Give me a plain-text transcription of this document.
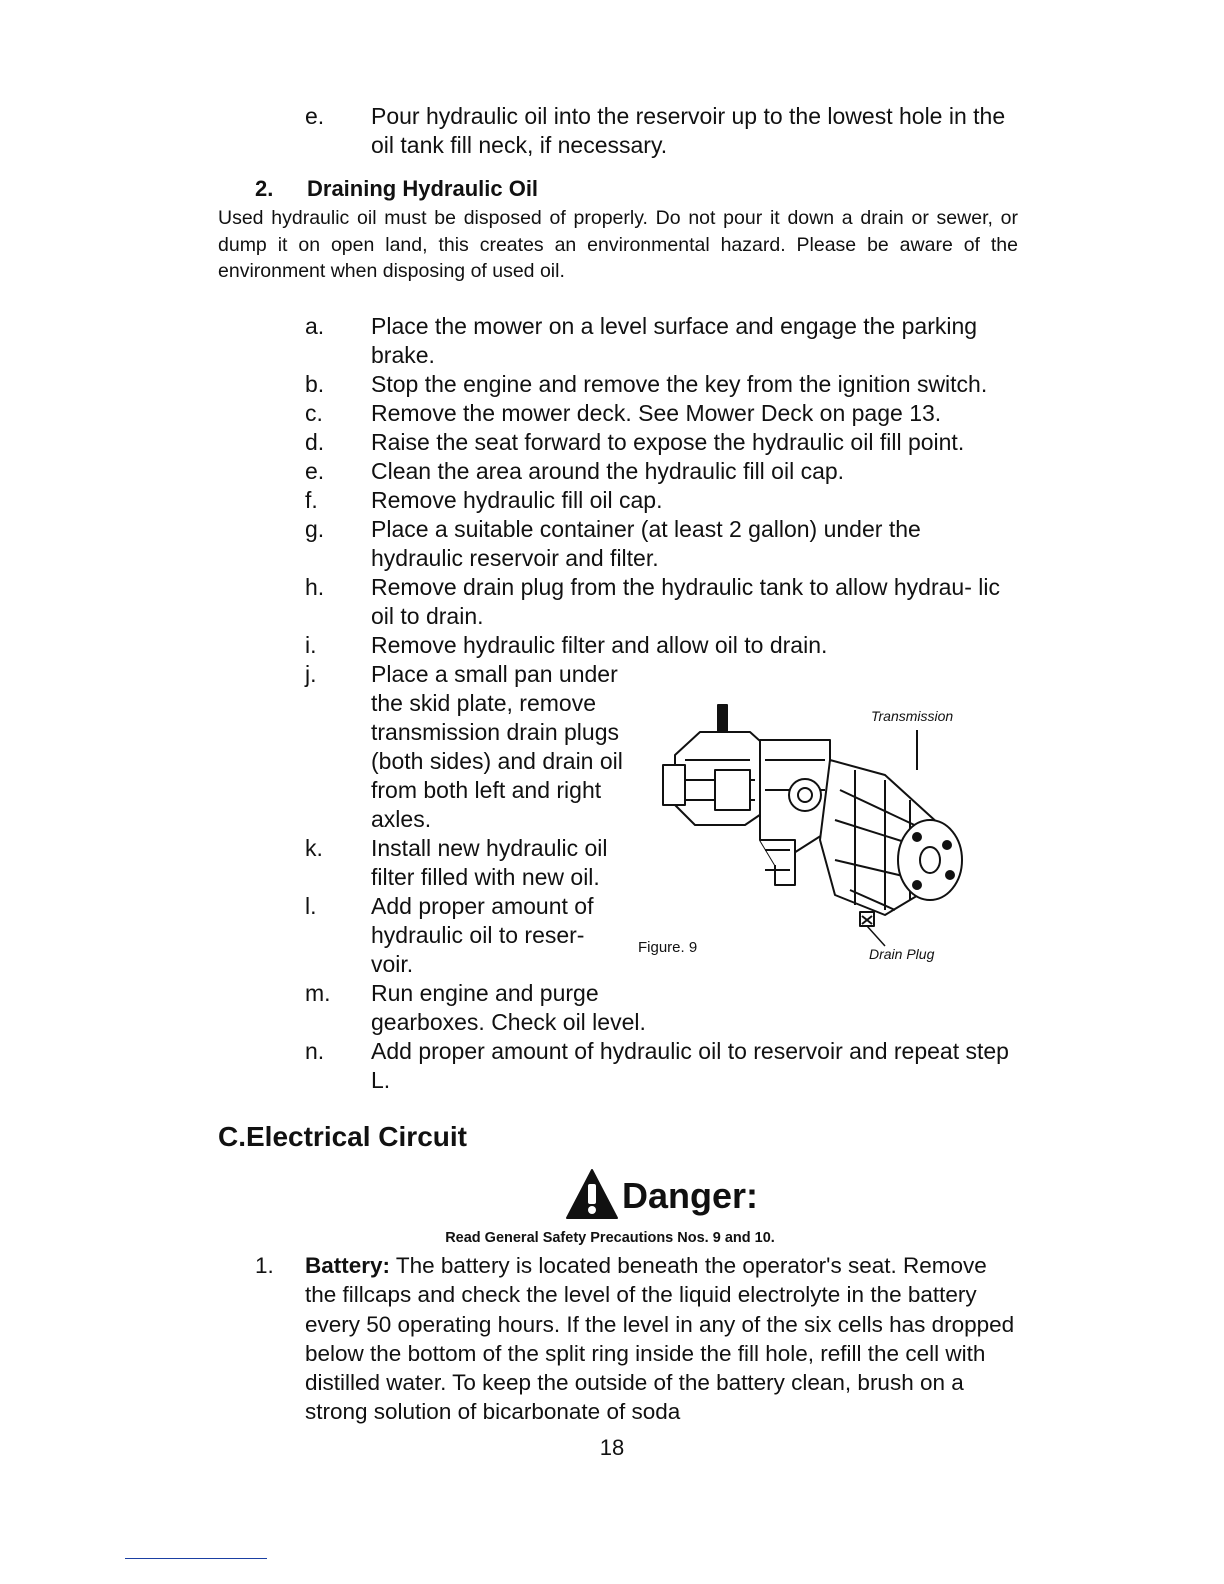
e. Pour hydraulic oil into the reservoir up to the lowest hole in the oil tank fill neck, if necessary.
2. Draining Hydraulic Oil
Used hydraulic oil must be disposed of properly. Do not pour it down a drain or sewer, or dump it on open land, this creates an environmental hazard. Please be aware of the environment when disposing of used oil.
a. Place the mower on a level surface and engage the parking brake.
b. Stop the engine and remove the key from the ignition switch.
c. Remove the mower deck. See Mower Deck on page 13.
d. Raise the seat forward to expose the hydraulic oil fill point.
e. Clean the area around the hydraulic fill oil cap.
f. Remove hydraulic fill oil cap.
g. Place a suitable container (at least 2 gallon) under the hydraulic reservoir and filter.
h. Remove drain plug from the hydraulic tank to allow hydrau- lic oil to drain.
i. Remove hydraulic filter and allow oil to drain.
j. Place a small pan under the skid plate, remove transmission drain plugs (both sides) and drain oil from both left and right axles.
k. Install new hydraulic oil filter filled with new oil.
l. Add proper amount of hydraulic oil to reser- voir.
m. Run engine and purge gearboxes. Check oil level.
n. Add proper amount of hydraulic oil to reservoir and repeat step L.
Transmission
Drain Plug
Figure. 9
C.Electrical Circuit
Danger:
Read General Safety Precautions Nos. 9 and 10.
1. Battery: The battery is located beneath the operator's seat. Remove the fillcaps and check the level of the liquid electrolyte in the battery every 50 operating hours. If the level in any of the six cells has dropped below the bottom of the split ring inside the fill hole, refill the cell with distilled water. To keep the outside of the battery clean, brush on a strong solution of bicarbonate of soda
18
